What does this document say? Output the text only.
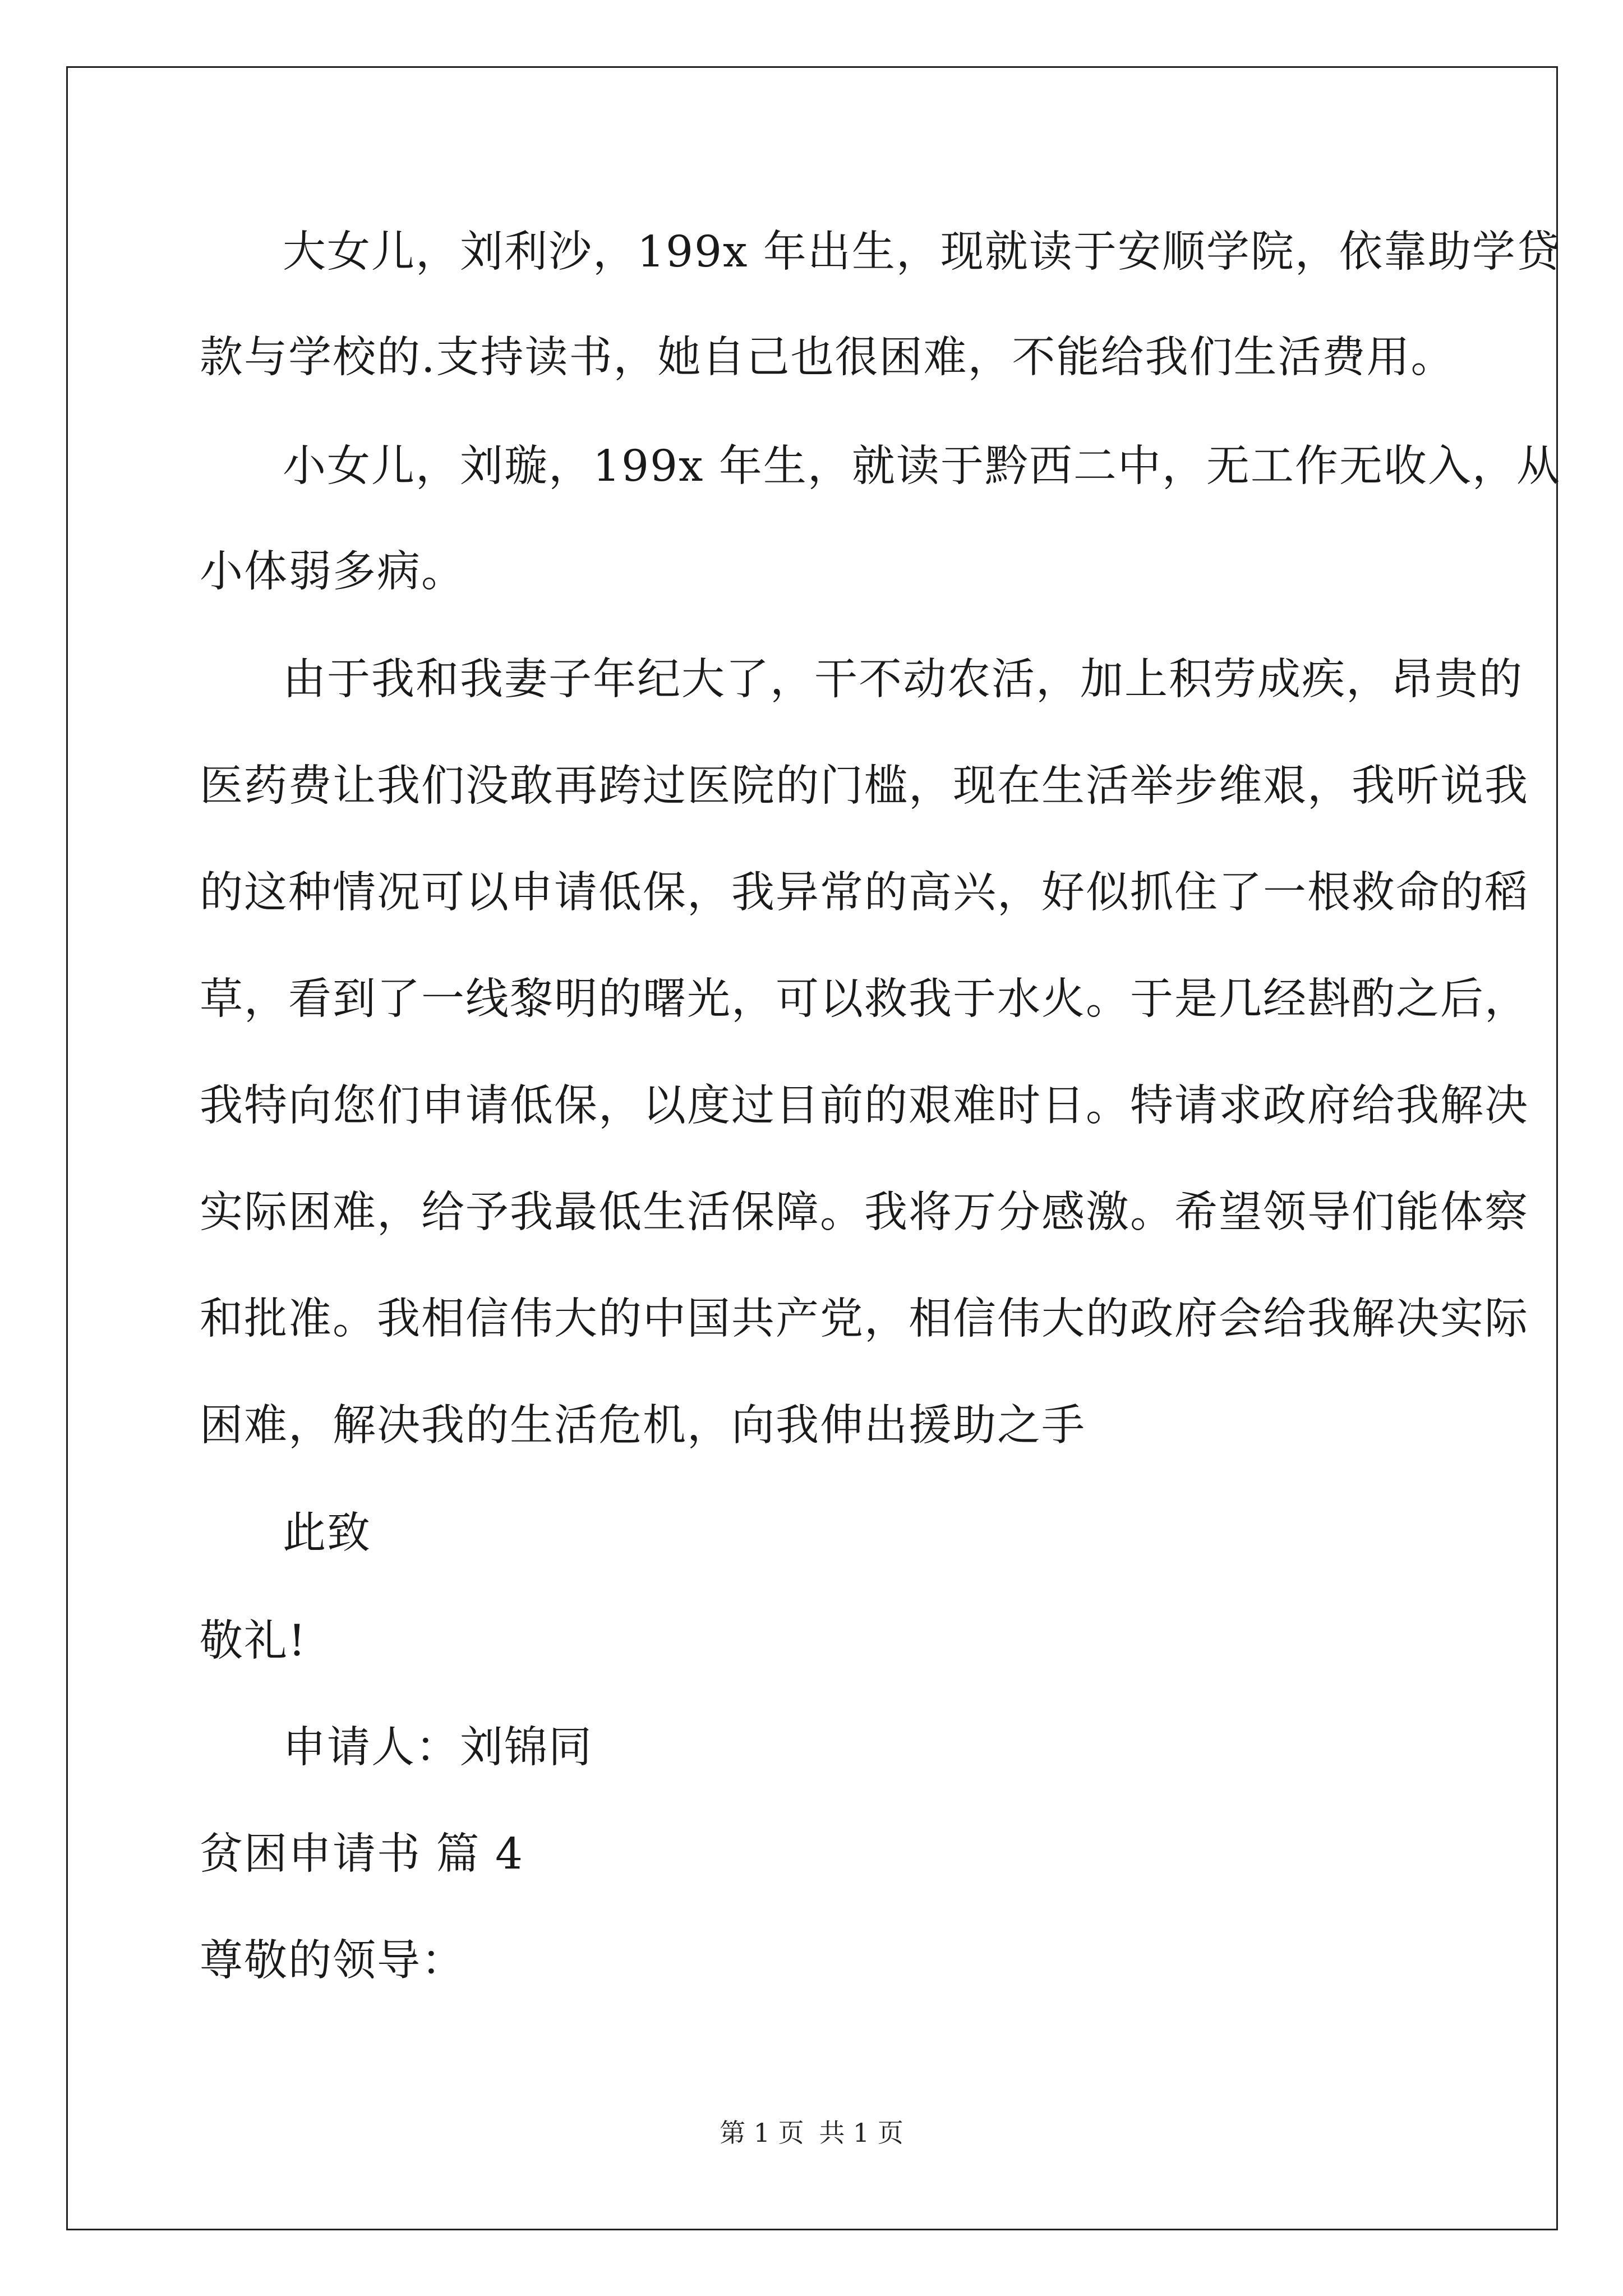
大女儿，刘利沙，199x 年出生，现就读于安顺学院，依靠助学贷
款与学校的.支持读书，她自己也很困难，不能给我们生活费用。
小女儿，刘璇，199x 年生，就读于黔西二中，无工作无收入，从
小体弱多病。
由于我和我妻子年纪大了，干不动农活，加上积劳成疾，昂贵的
医药费让我们没敢再跨过医院的门槛，现在生活举步维艰，我听说我
的这种情况可以申请低保，我异常的高兴，好似抓住了一根救命的稻
草，看到了一线黎明的曙光，可以救我于水火。于是几经斟酌之后，
我特向您们申请低保，以度过目前的艰难时日。特请求政府给我解决
实际困难，给予我最低生活保障。我将万分感激。希望领导们能体察
和批准。我相信伟大的中国共产党，相信伟大的政府会给我解决实际
困难，解决我的生活危机，向我伸出援助之手
此致
敬礼!
申请人：刘锦同
贫困申请书 篇 4
尊敬的领导：
第 1 页 共 1 页
